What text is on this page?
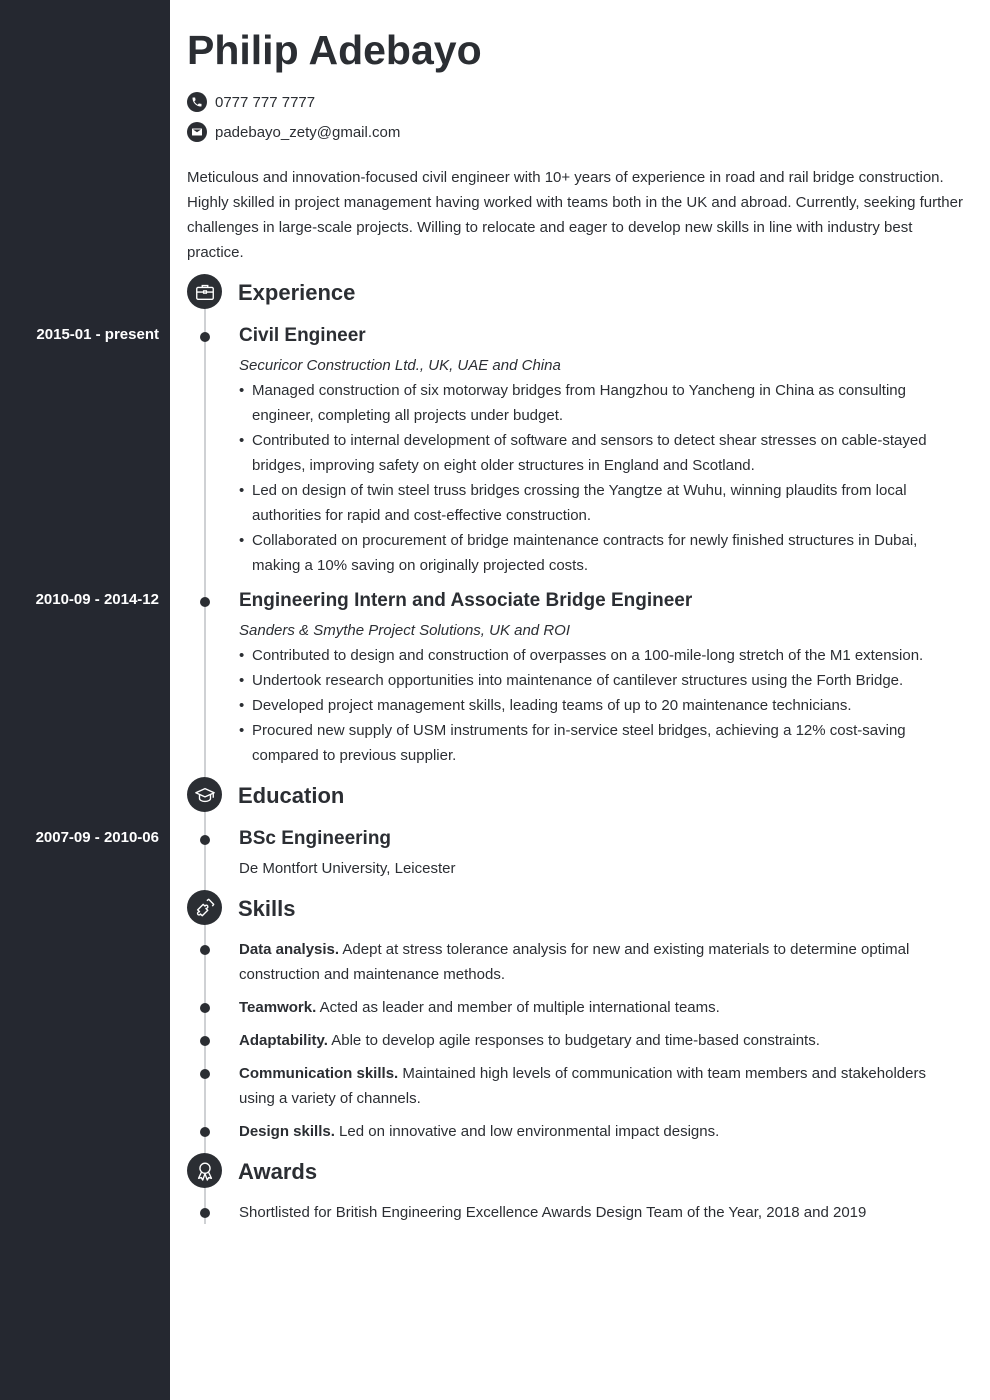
2015-01 - present
2010-09 - 2014-12
2007-09 - 2010-06
Philip Adebayo
0777 777 7777
padebayo_zety@gmail.com

Meticulous and innovation-focused civil engineer with 10+ years of experience in road and rail bridge construction. Highly skilled in project management having worked with teams both in the UK and abroad. Currently, seeking further challenges in large-scale projects. Willing to relocate and eager to develop new skills in line with industry best practice.

Experience
Civil Engineer
Securicor Construction Ltd., UK, UAE and China
• Managed construction of six motorway bridges from Hangzhou to Yancheng in China as consulting engineer, completing all projects under budget.
• Contributed to internal development of software and sensors to detect shear stresses on cable-stayed bridges, improving safety on eight older structures in England and Scotland.
• Led on design of twin steel truss bridges crossing the Yangtze at Wuhu, winning plaudits from local authorities for rapid and cost-effective construction.
• Collaborated on procurement of bridge maintenance contracts for newly finished structures in Dubai, making a 10% saving on originally projected costs.
Engineering Intern and Associate Bridge Engineer
Sanders & Smythe Project Solutions, UK and ROI
• Contributed to design and construction of overpasses on a 100-mile-long stretch of the M1 extension.
• Undertook research opportunities into maintenance of cantilever structures using the Forth Bridge.
• Developed project management skills, leading teams of up to 20 maintenance technicians.
• Procured new supply of USM instruments for in-service steel bridges, achieving a 12% cost-saving compared to previous supplier.
Education
BSc Engineering
De Montfort University, Leicester
Skills

Data analysis. Adept at stress tolerance analysis for new and existing materials to determine optimal construction and maintenance methods.

Teamwork. Acted as leader and member of multiple international teams.

Adaptability. Able to develop agile responses to budgetary and time-based constraints.

Communication skills. Maintained high levels of communication with team members and stakeholders using a variety of channels.

Design skills. Led on innovative and low environmental impact designs.

Awards
Shortlisted for British Engineering Excellence Awards Design Team of the Year, 2018 and 2019
